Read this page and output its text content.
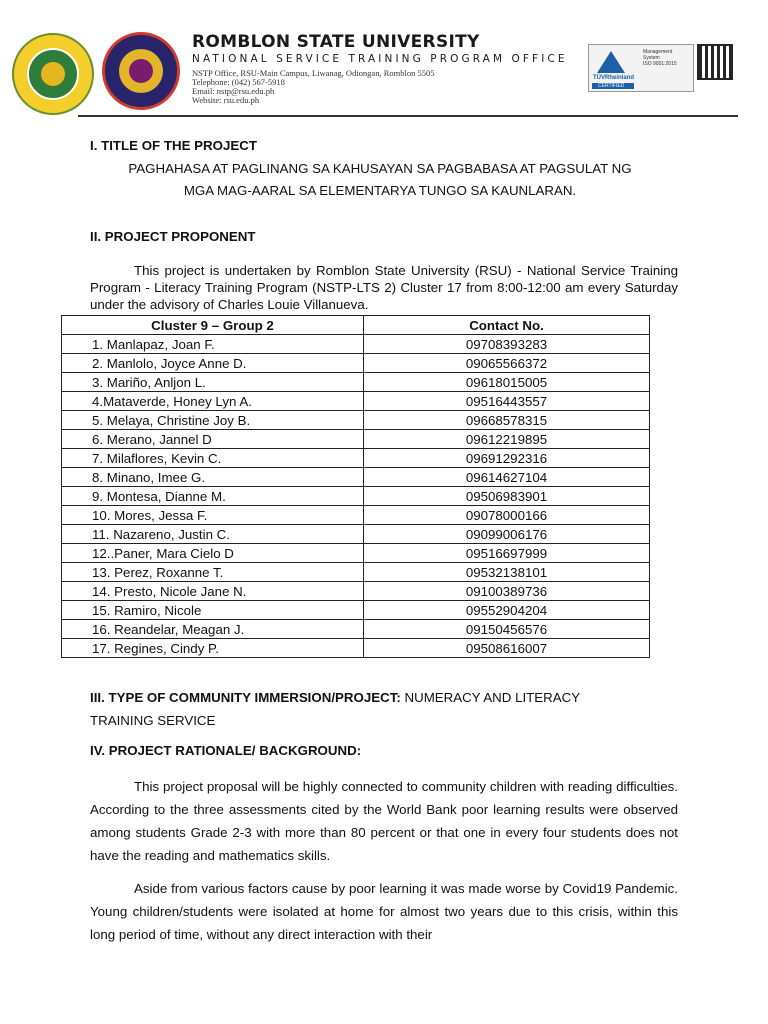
ROMBLON STATE UNIVERSITY
NATIONAL SERVICE TRAINING PROGRAM OFFICE
NSTP Office, RSU-Main Campus, Liwanag, Odiongan, Romblon 5505
Telephone: (042) 567-5918
Email: nstp@rsu.edu.ph
Website: rsu.edu.ph
TÜVRheinland
CERTIFIED
Management
System
ISO 9001:2015
I. TITLE OF THE PROJECT
PAGHAHASA AT PAGLINANG SA KAHUSAYAN SA PAGBABASA AT PAGSULAT NG
MGA MAG-AARAL SA ELEMENTARYA TUNGO SA KAUNLARAN.
II. PROJECT PROPONENT
This project is undertaken by Romblon State University (RSU) - National Service Training Program - Literacy Training Program (NSTP-LTS 2) Cluster 17 from 8:00-12:00 am every Saturday under the advisory of Charles Louie Villanueva.
Cluster 9 – Group 2	Contact No.
1. Manlapaz, Joan F.	09708393283
2. Manlolo, Joyce Anne D.	09065566372
3. Mariño, Anljon L.	09618015005
4.Mataverde, Honey Lyn A.	09516443557
5. Melaya, Christine Joy B.	09668578315
6. Merano, Jannel D	09612219895
7. Milaflores, Kevin C.	09691292316
8. Minano, Imee G.	09614627104
9. Montesa, Dianne M.	09506983901
10. Mores, Jessa F.	09078000166
11. Nazareno, Justin C.	09099006176
12..Paner, Mara Cielo D	09516697999
13. Perez, Roxanne T.	09532138101
14. Presto, Nicole Jane N.	09100389736
15. Ramiro, Nicole	09552904204
16. Reandelar, Meagan J.	09150456576
17. Regines, Cindy P.	09508616007
III. TYPE OF COMMUNITY IMMERSION/PROJECT: NUMERACY AND LITERACY
TRAINING SERVICE
IV. PROJECT RATIONALE/ BACKGROUND:
This project proposal will be highly connected to community children with reading difficulties. According to the three assessments cited by the World Bank poor learning results were observed among students Grade 2-3 with more than 80 percent or that one in every four students does not have the reading and mathematics skills.
Aside from various factors cause by poor learning it was made worse by Covid19 Pandemic. Young children/students were isolated at home for almost two years due to this crisis, within this long period of time, without any direct interaction with their
